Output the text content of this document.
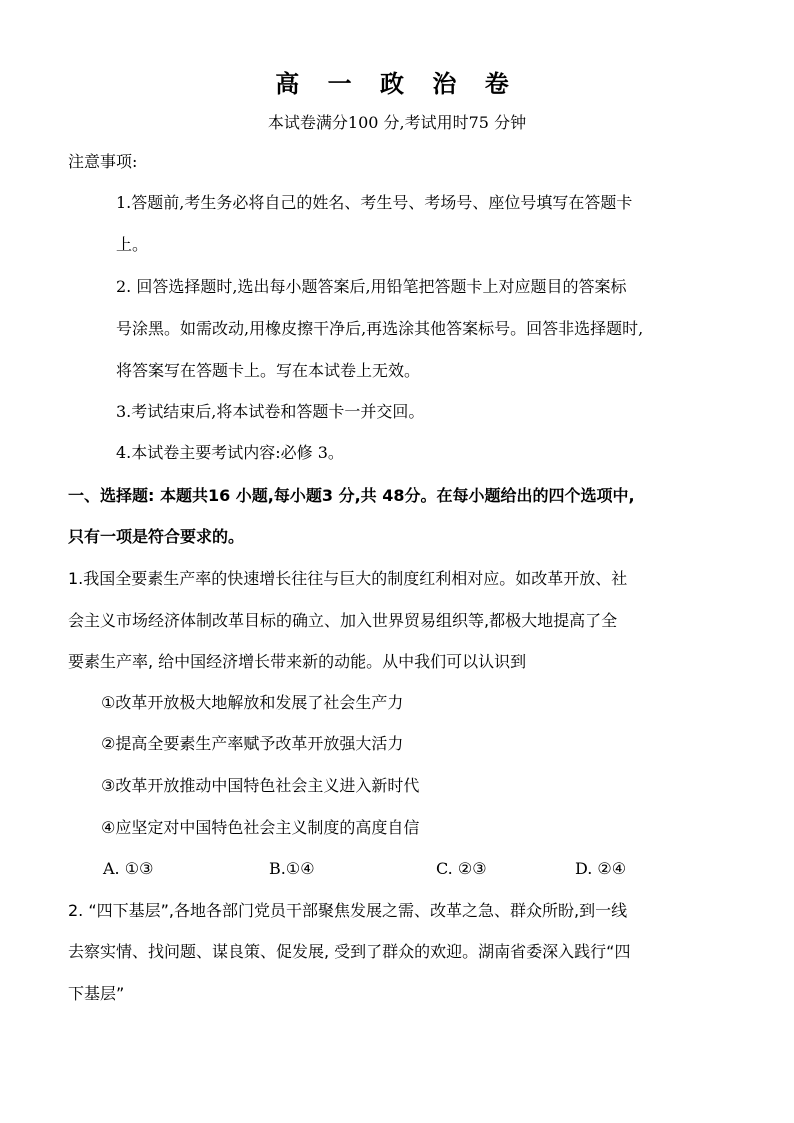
高 一 政 治 卷
本试卷满分100 分,考试用时75 分钟
注意事项:
1.答题前,考生务必将自己的姓名、考生号、考场号、座位号填写在答题卡
上。
2. 回答选择题时,选出每小题答案后,用铅笔把答题卡上对应题目的答案标
号涂黑。如需改动,用橡皮擦干净后,再选涂其他答案标号。回答非选择题时,
将答案写在答题卡上。写在本试卷上无效。
3.考试结束后,将本试卷和答题卡一并交回。
4.本试卷主要考试内容:必修 3。
一、选择题: 本题共16 小题,每小题3 分,共 48分。在每小题给出的四个选项中,
只有一项是符合要求的。
1.我国全要素生产率的快速增长往往与巨大的制度红利相对应。如改革开放、社
会主义市场经济体制改革目标的确立、加入世界贸易组织等,都极大地提高了全
要素生产率, 给中国经济增长带来新的动能。从中我们可以认识到
①改革开放极大地解放和发展了社会生产力
②提高全要素生产率赋予改革开放强大活力
③改革开放推动中国特色社会主义进入新时代
④应坚定对中国特色社会主义制度的高度自信
A. ①③	B.①④	C. ②③	D. ②④
2. “四下基层”,各地各部门党员干部聚焦发展之需、改革之急、群众所盼,到一线
去察实情、找问题、谋良策、促发展, 受到了群众的欢迎。湖南省委深入践行“四
下基层”
